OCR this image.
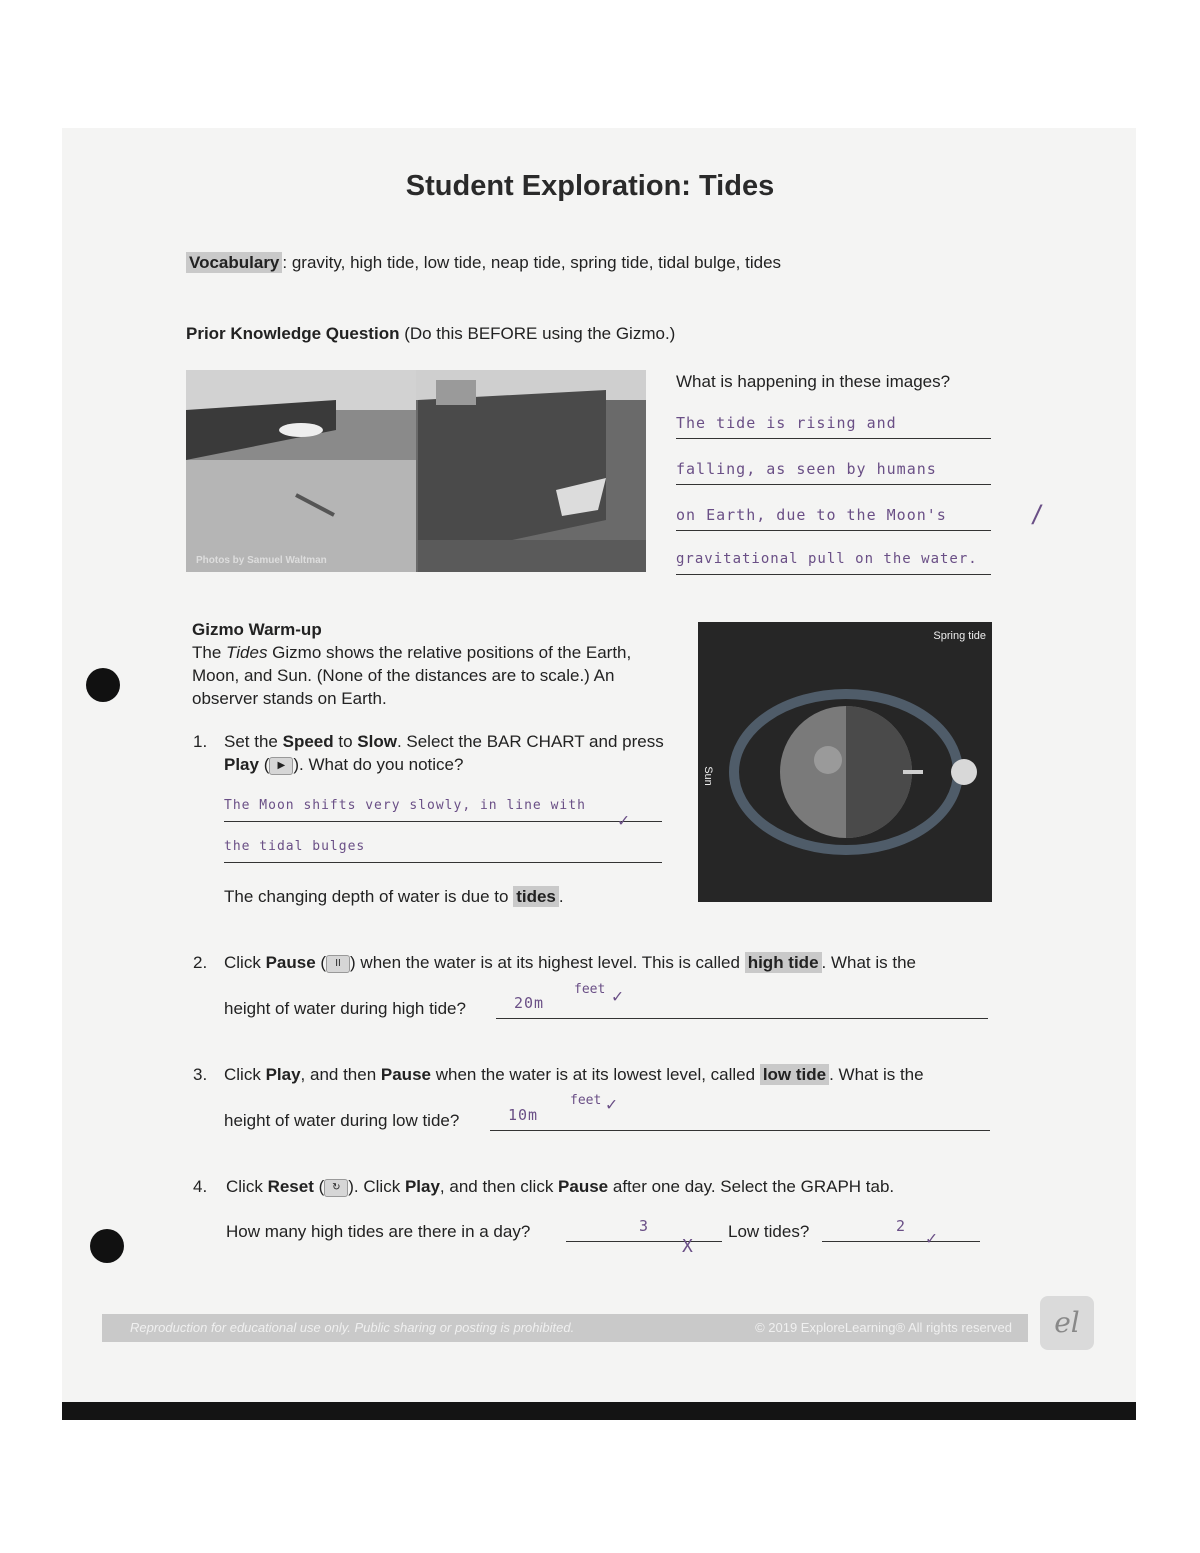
Student Exploration: Tides
Vocabulary : gravity, high tide, low tide, neap tide, spring tide, tidal bulge, tides
Prior Knowledge Question (Do this BEFORE using the Gizmo.)
Photos by Samuel Waltman
What is happening in these images?
The tide is rising and
falling, as seen by humans
on Earth, due to the Moon's
gravitational pull on the water.
/
Gizmo Warm-up
The Tides Gizmo shows the relative positions of the Earth, Moon, and Sun. (None of the distances are to scale.) An observer stands on Earth.
Spring tide
Sun
1. Set the Speed to Slow. Select the BAR CHART and press Play ( ▶ ). What do you notice?
The Moon shifts very slowly, in line with
✓
the tidal bulges
The changing depth of water is due to tides .
2. Click Pause ( II ) when the water is at its highest level. This is called high tide . What is the
height of water during high tide?	20m
feet ✓
3. Click Play, and then Pause when the water is at its lowest level, called low tide . What is the
height of water during low tide?	10m
feet ✓
4. Click Reset ( ↻ ). Click Play, and then click Pause after one day. Select the GRAPH tab.
How many high tides are there in a day?	3
X
Low tides?	2
✓
Reproduction for educational use only. Public sharing or posting is prohibited.	© 2019 ExploreLearning® All rights reserved	el
